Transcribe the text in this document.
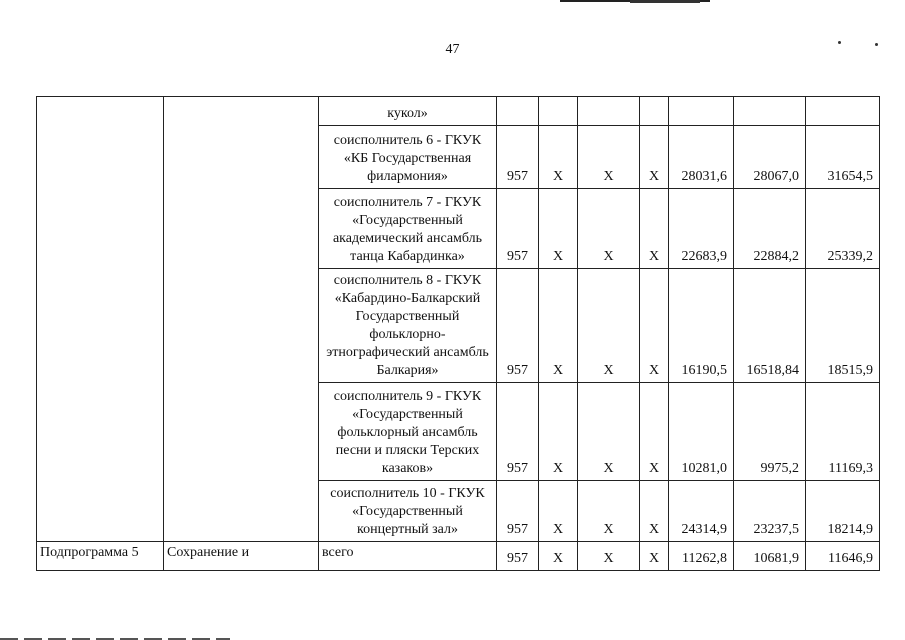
47
		кукол»							
		соисполнитель 6 - ГКУК «КБ Государственная филармония»	957	X	X	X	28031,6	28067,0	31654,5
		соисполнитель 7 - ГКУК «Государственный академический ансамбль танца Кабардинка»	957	X	X	X	22683,9	22884,2	25339,2
		соисполнитель 8 - ГКУК «Кабардино-Балкарский Государственный фольклорно-этнографический ансамбль Балкария»	957	X	X	X	16190,5	16518,84	18515,9
		соисполнитель 9 - ГКУК «Государственный фольклорный ансамбль песни и пляски Терских казаков»	957	X	X	X	10281,0	9975,2	11169,3
		соисполнитель 10 - ГКУК «Государственный концертный зал»	957	X	X	X	24314,9	23237,5	18214,9
Подпрограмма 5	Сохранение и	всего	957	X	X	X	11262,8	10681,9	11646,9
